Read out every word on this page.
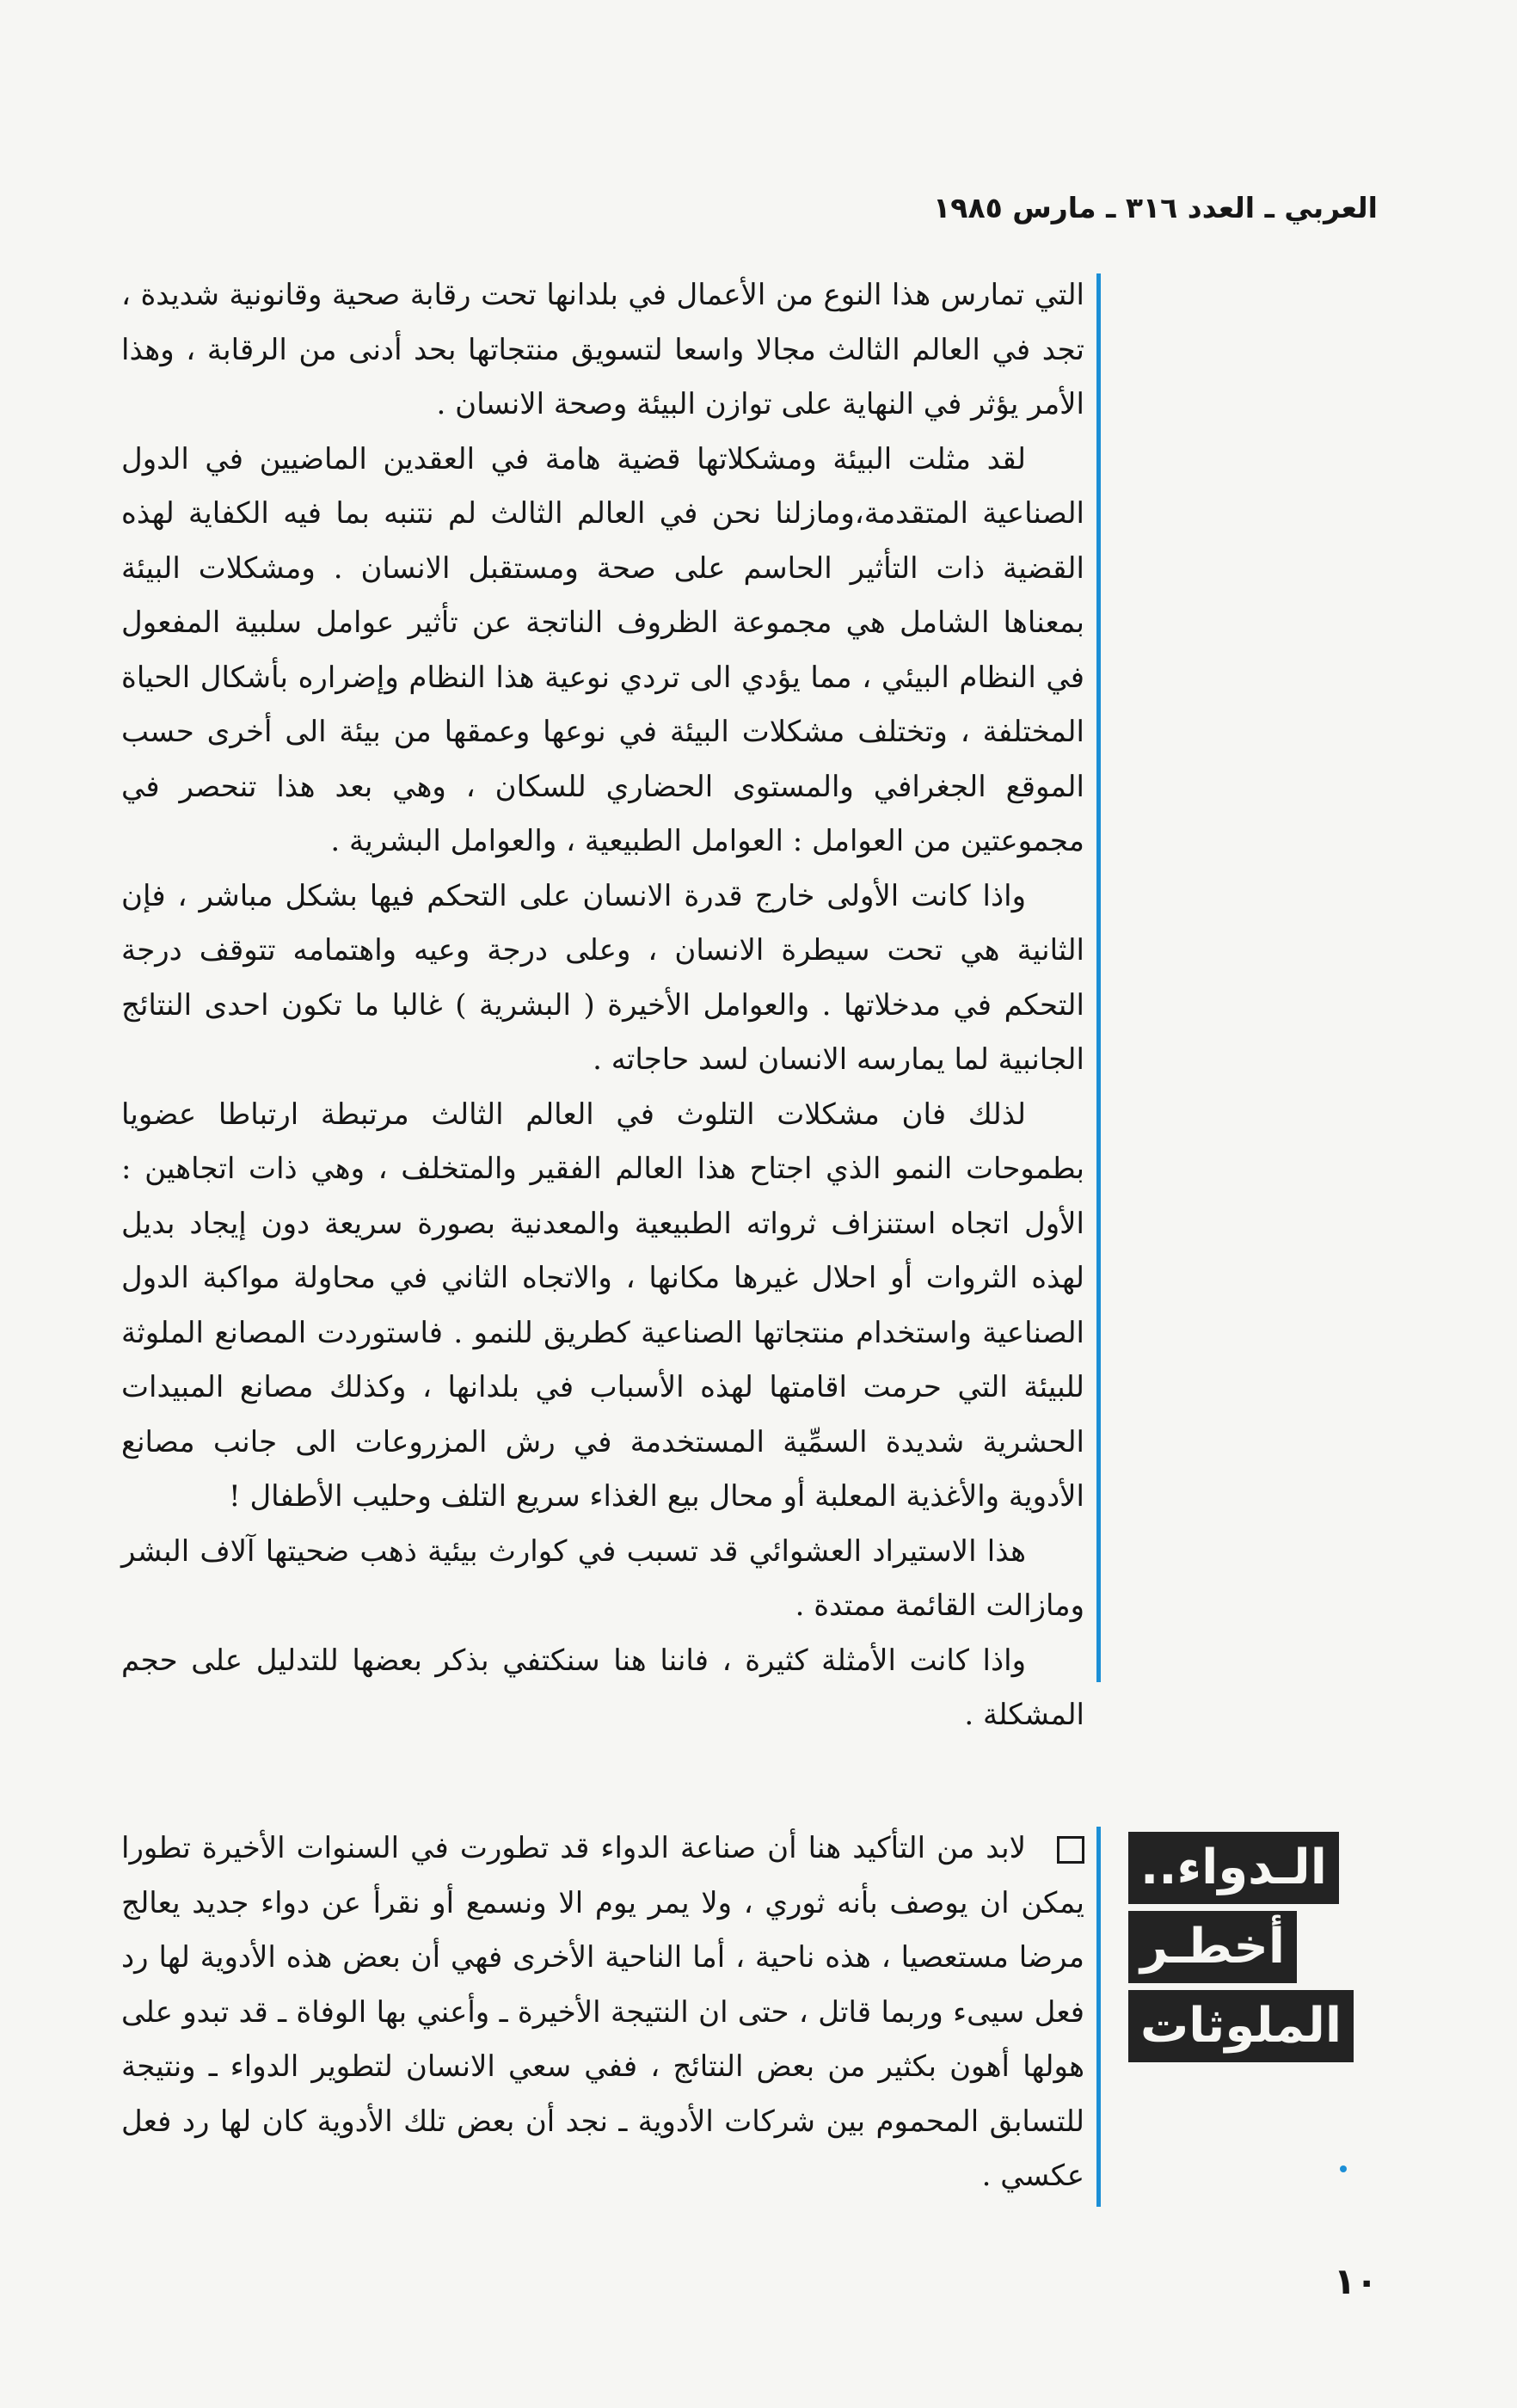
العربي ـ العدد ٣١٦ ـ مارس ١٩٨٥

التي تمارس هذا النوع من الأعمال في بلدانها تحت رقابة صحية وقانونية شديدة ، تجد في العالم الثالث مجالا واسعا لتسويق منتجاتها بحد أدنى من الرقابة ، وهذا الأمر يؤثر في النهاية على توازن البيئة وصحة الانسان .

لقد مثلت البيئة ومشكلاتها قضية هامة في العقدين الماضيين في الدول الصناعية المتقدمة،ومازلنا نحن في العالم الثالث لم نتنبه بما فيه الكفاية لهذه القضية ذات التأثير الحاسم على صحة ومستقبل الانسان . ومشكلات البيئة بمعناها الشامل هي مجموعة الظروف الناتجة عن تأثير عوامل سلبية المفعول في النظام البيئي ، مما يؤدي الى تردي نوعية هذا النظام وإضراره بأشكال الحياة المختلفة ، وتختلف مشكلات البيئة في نوعها وعمقها من بيئة الى أخرى حسب الموقع الجغرافي والمستوى الحضاري للسكان ، وهي بعد هذا تنحصر في مجموعتين من العوامل : العوامل الطبيعية ، والعوامل البشرية .

واذا كانت الأولى خارج قدرة الانسان على التحكم فيها بشكل مباشر ، فإن الثانية هي تحت سيطرة الانسان ، وعلى درجة وعيه واهتمامه تتوقف درجة التحكم في مدخلاتها . والعوامل الأخيرة ( البشرية ) غالبا ما تكون احدى النتائج الجانبية لما يمارسه الانسان لسد حاجاته .

لذلك فان مشكلات التلوث في العالم الثالث مرتبطة ارتباطا عضويا بطموحات النمو الذي اجتاح هذا العالم الفقير والمتخلف ، وهي ذات اتجاهين : الأول اتجاه استنزاف ثرواته الطبيعية والمعدنية بصورة سريعة دون إيجاد بديل لهذه الثروات أو احلال غيرها مكانها ، والاتجاه الثاني في محاولة مواكبة الدول الصناعية واستخدام منتجاتها الصناعية كطريق للنمو . فاستوردت المصانع الملوثة للبيئة التي حرمت اقامتها لهذه الأسباب في بلدانها ، وكذلك مصانع المبيدات الحشرية شديدة السمِّية المستخدمة في رش المزروعات الى جانب مصانع الأدوية والأغذية المعلبة أو محال بيع الغذاء سريع التلف وحليب الأطفال !

هذا الاستيراد العشوائي قد تسبب في كوارث بيئية ذهب ضحيتها آلاف البشر ومازالت القائمة ممتدة .

واذا كانت الأمثلة كثيرة ، فاننا هنا سنكتفي بذكر بعضها للتدليل على حجم المشكلة .

الـدواء..
أخطـر
الملوثات

لابد من التأكيد هنا أن صناعة الدواء قد تطورت في السنوات الأخيرة تطورا يمكن ان يوصف بأنه ثوري ، ولا يمر يوم الا ونسمع أو نقرأ عن دواء جديد يعالج مرضا مستعصيا ، هذه ناحية ، أما الناحية الأخرى فهي أن بعض هذه الأدوية لها رد فعل سيىء وربما قاتل ، حتى ان النتيجة الأخيرة ـ وأعني بها الوفاة ـ قد تبدو على هولها أهون بكثير من بعض النتائج ، ففي سعي الانسان لتطوير الدواء ـ ونتيجة للتسابق المحموم بين شركات الأدوية ـ نجد أن بعض تلك الأدوية كان لها رد فعل عكسي .

١٠
